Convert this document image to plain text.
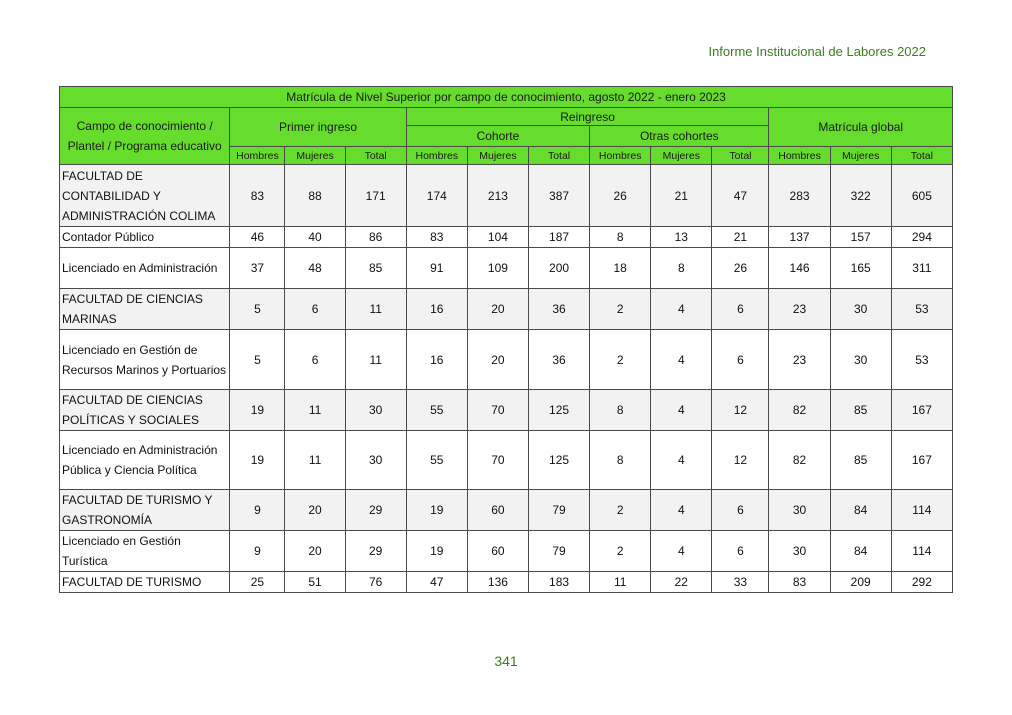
Informe Institucional de Labores 2022
Matrícula de Nivel Superior por campo de conocimiento, agosto 2022 - enero 2023												
Campo de conocimiento / Plantel / Programa educativo	Primer ingreso			Reingreso						Matrícula global		
				Cohorte			Otras cohortes					
	Hombres	Mujeres	Total	Hombres	Mujeres	Total	Hombres	Mujeres	Total	Hombres	Mujeres	Total
FACULTAD DE CONTABILIDAD Y ADMINISTRACIÓN COLIMA	83	88	171	174	213	387	26	21	47	283	322	605
Contador Público	46	40	86	83	104	187	8	13	21	137	157	294
Licenciado en Administración	37	48	85	91	109	200	18	8	26	146	165	311
FACULTAD DE CIENCIAS MARINAS	5	6	11	16	20	36	2	4	6	23	30	53
Licenciado en Gestión de Recursos Marinos y Portuarios	5	6	11	16	20	36	2	4	6	23	30	53
FACULTAD DE CIENCIAS POLÍTICAS Y SOCIALES	19	11	30	55	70	125	8	4	12	82	85	167
Licenciado en Administración Pública y Ciencia Política	19	11	30	55	70	125	8	4	12	82	85	167
FACULTAD DE TURISMO Y GASTRONOMÍA	9	20	29	19	60	79	2	4	6	30	84	114
Licenciado en Gestión Turística	9	20	29	19	60	79	2	4	6	30	84	114
FACULTAD DE TURISMO	25	51	76	47	136	183	11	22	33	83	209	292
341
